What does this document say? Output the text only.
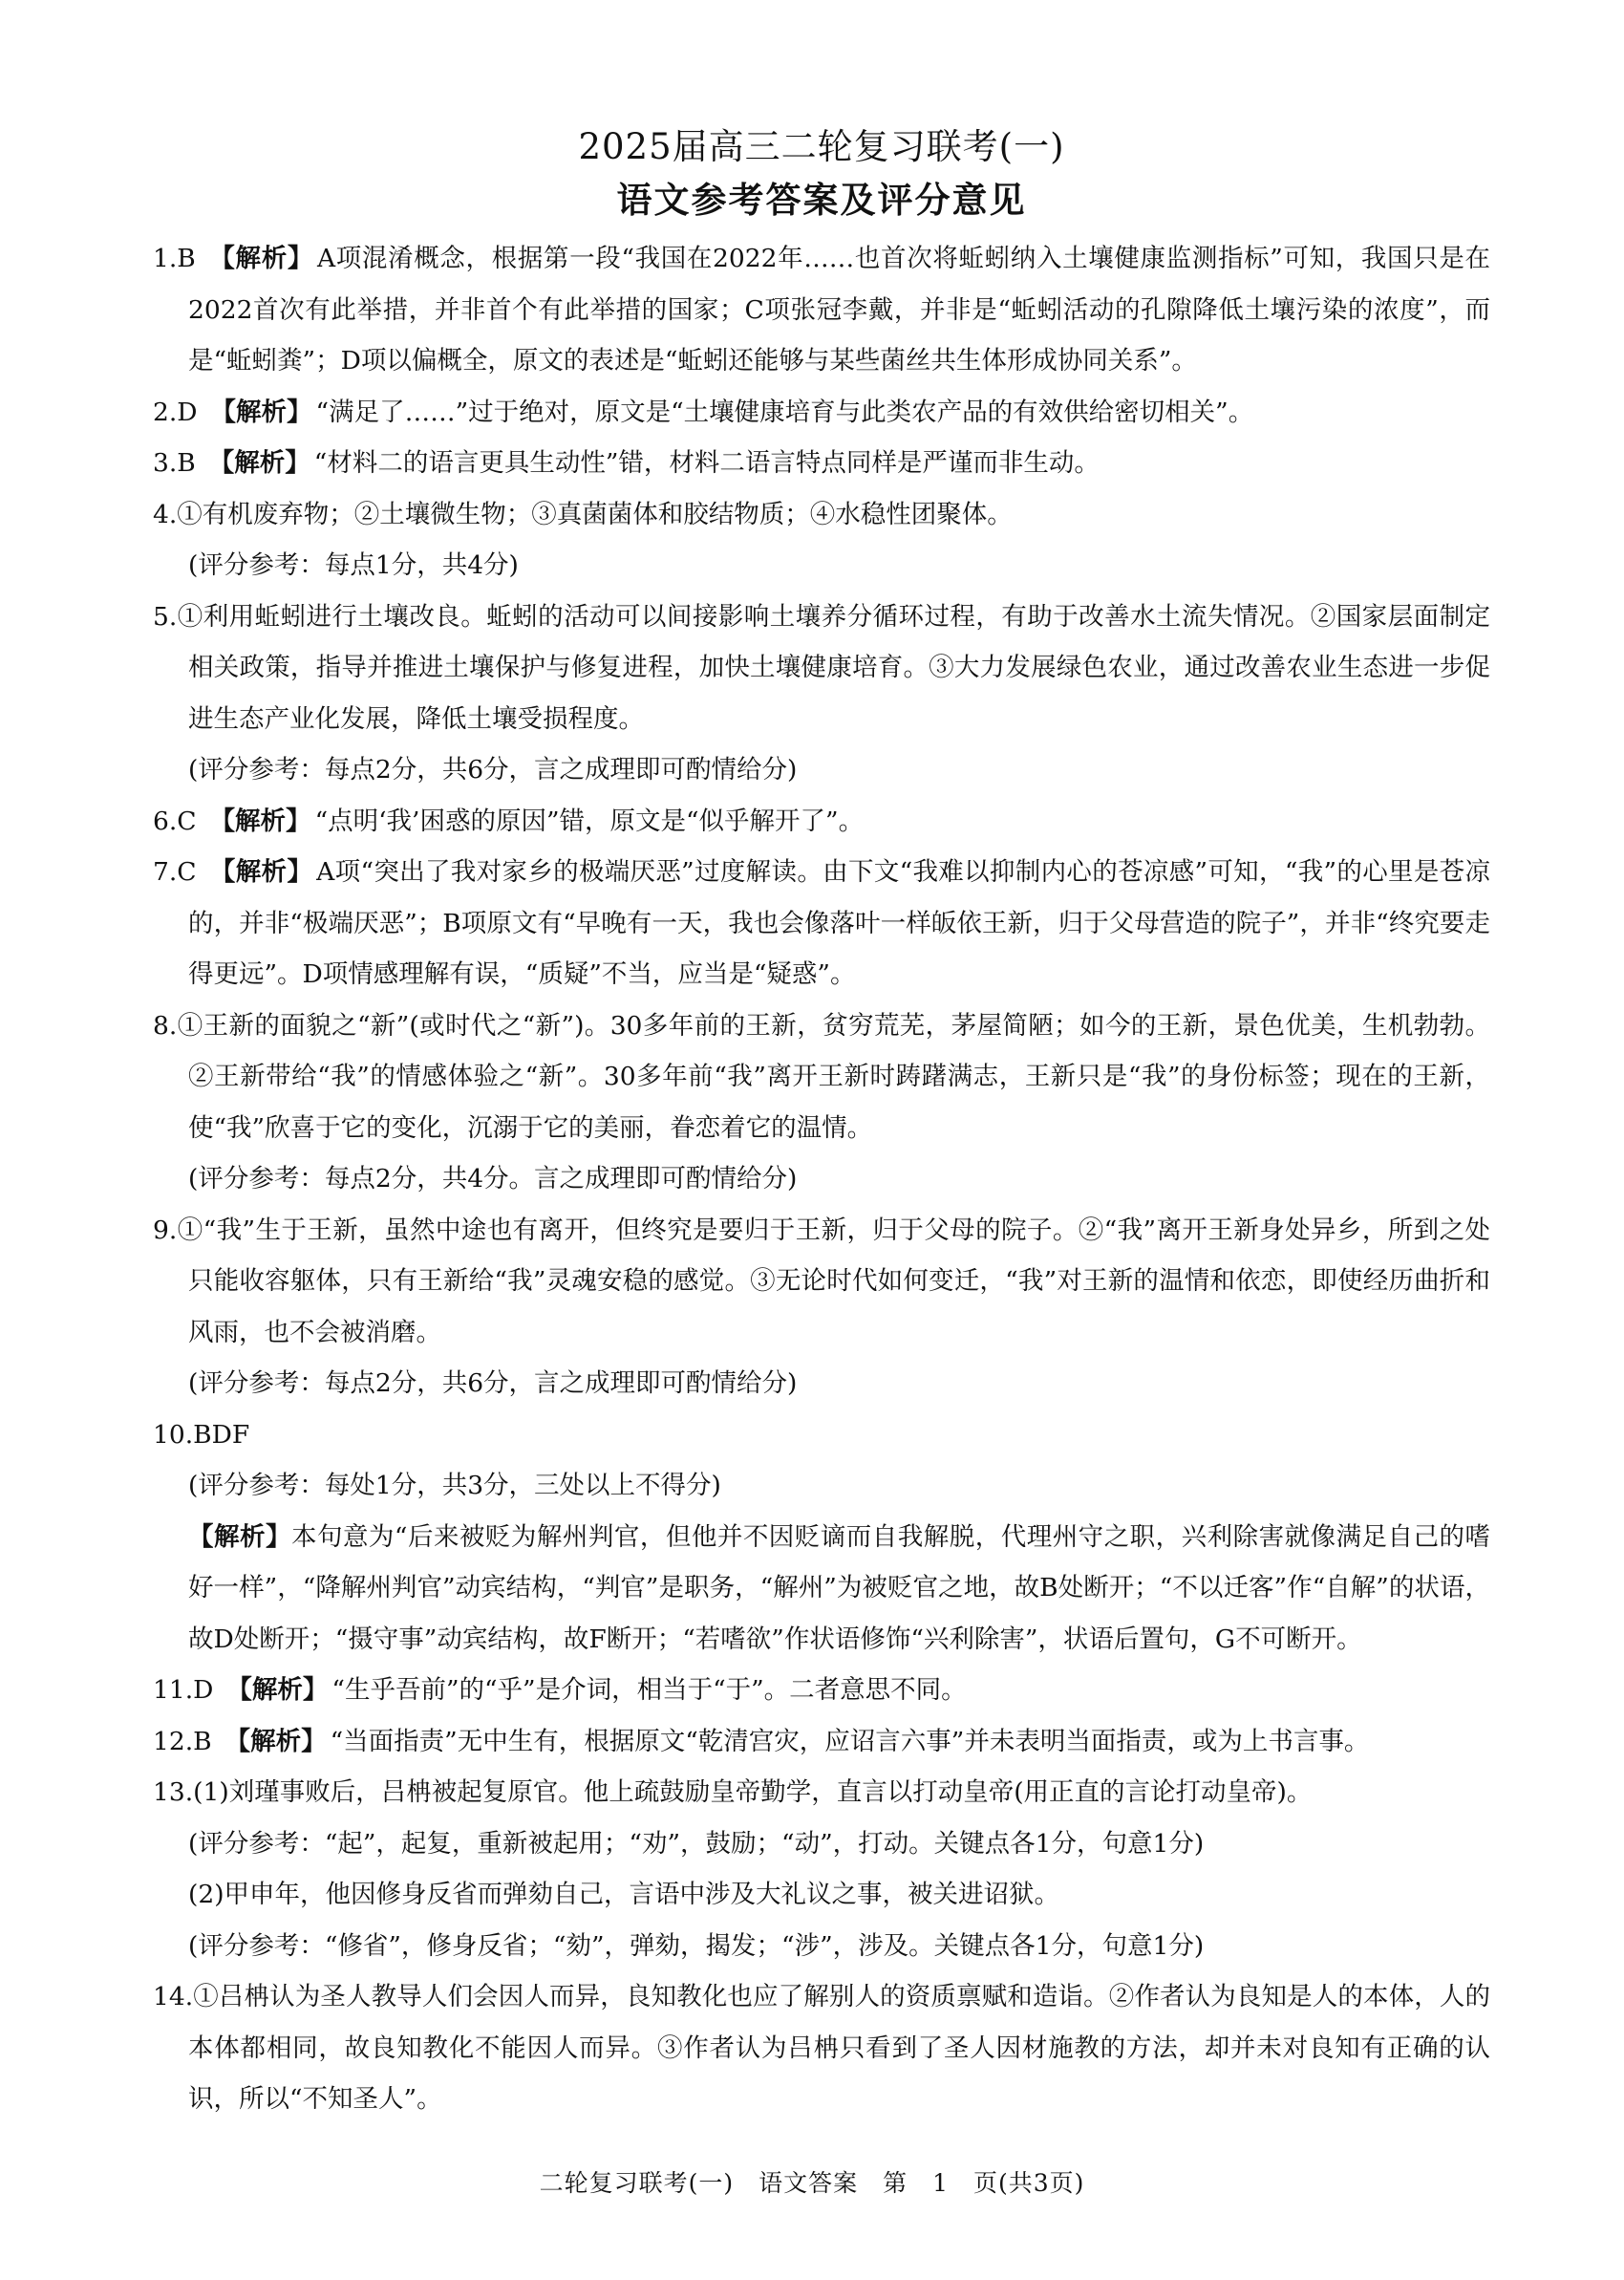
2025届高三二轮复习联考(一)
语文参考答案及评分意见
1.B 【解析】 A项混淆概念，根据第一段“我国在2022年……也首次将蚯蚓纳入土壤健康监测指标”可知，我国只是在2022首次有此举措，并非首个有此举措的国家；C项张冠李戴，并非是“蚯蚓活动的孔隙降低土壤污染的浓度”，而是“蚯蚓粪”；D项以偏概全，原文的表述是“蚯蚓还能够与某些菌丝共生体形成协同关系”。
2.D 【解析】 “满足了……”过于绝对，原文是“土壤健康培育与此类农产品的有效供给密切相关”。
3.B 【解析】 “材料二的语言更具生动性”错，材料二语言特点同样是严谨而非生动。
4.①有机废弃物；②土壤微生物；③真菌菌体和胶结物质；④水稳性团聚体。
(评分参考：每点1分，共4分)
5.①利用蚯蚓进行土壤改良。蚯蚓的活动可以间接影响土壤养分循环过程，有助于改善水土流失情况。②国家层面制定相关政策，指导并推进土壤保护与修复进程，加快土壤健康培育。③大力发展绿色农业，通过改善农业生态进一步促进生态产业化发展，降低土壤受损程度。
(评分参考：每点2分，共6分，言之成理即可酌情给分)
6.C 【解析】 “点明‘我’困惑的原因”错，原文是“似乎解开了”。
7.C 【解析】 A项“突出了我对家乡的极端厌恶”过度解读。由下文“我难以抑制内心的苍凉感”可知，“我”的心里是苍凉的，并非“极端厌恶”；B项原文有“早晚有一天，我也会像落叶一样皈依王新，归于父母营造的院子”，并非“终究要走得更远”。D项情感理解有误，“质疑”不当，应当是“疑惑”。
8.①王新的面貌之“新”(或时代之“新”)。30多年前的王新，贫穷荒芜，茅屋简陋；如今的王新，景色优美，生机勃勃。②王新带给“我”的情感体验之“新”。30多年前“我”离开王新时踌躇满志，王新只是“我”的身份标签；现在的王新，使“我”欣喜于它的变化，沉溺于它的美丽，眷恋着它的温情。
(评分参考：每点2分，共4分。言之成理即可酌情给分)
9.①“我”生于王新，虽然中途也有离开，但终究是要归于王新，归于父母的院子。②“我”离开王新身处异乡，所到之处只能收容躯体，只有王新给“我”灵魂安稳的感觉。③无论时代如何变迁，“我”对王新的温情和依恋，即使经历曲折和风雨，也不会被消磨。
(评分参考：每点2分，共6分，言之成理即可酌情给分)
10.BDF
(评分参考：每处1分，共3分，三处以上不得分)
【解析】本句意为“后来被贬为解州判官，但他并不因贬谪而自我解脱，代理州守之职，兴利除害就像满足自己的嗜好一样”，“降解州判官”动宾结构，“判官”是职务，“解州”为被贬官之地，故B处断开；“不以迁客”作“自解”的状语，故D处断开；“摄守事”动宾结构，故F断开；“若嗜欲”作状语修饰“兴利除害”，状语后置句，G不可断开。
11.D 【解析】 “生乎吾前”的“乎”是介词，相当于“于”。二者意思不同。
12.B 【解析】 “当面指责”无中生有，根据原文“乾清宫灾，应诏言六事”并未表明当面指责，或为上书言事。
13.(1)刘瑾事败后，吕柟被起复原官。他上疏鼓励皇帝勤学，直言以打动皇帝(用正直的言论打动皇帝)。
(评分参考：“起”，起复，重新被起用；“劝”，鼓励；“动”，打动。关键点各1分，句意1分)
(2)甲申年，他因修身反省而弹劾自己，言语中涉及大礼议之事，被关进诏狱。
(评分参考：“修省”，修身反省；“劾”，弹劾，揭发；“涉”，涉及。关键点各1分，句意1分)
14.①吕柟认为圣人教导人们会因人而异，良知教化也应了解别人的资质禀赋和造诣。②作者认为良知是人的本体，人的本体都相同，故良知教化不能因人而异。③作者认为吕柟只看到了圣人因材施教的方法，却并未对良知有正确的认识，所以“不知圣人”。
二轮复习联考(一)　语文答案　第　1　页(共3页)
